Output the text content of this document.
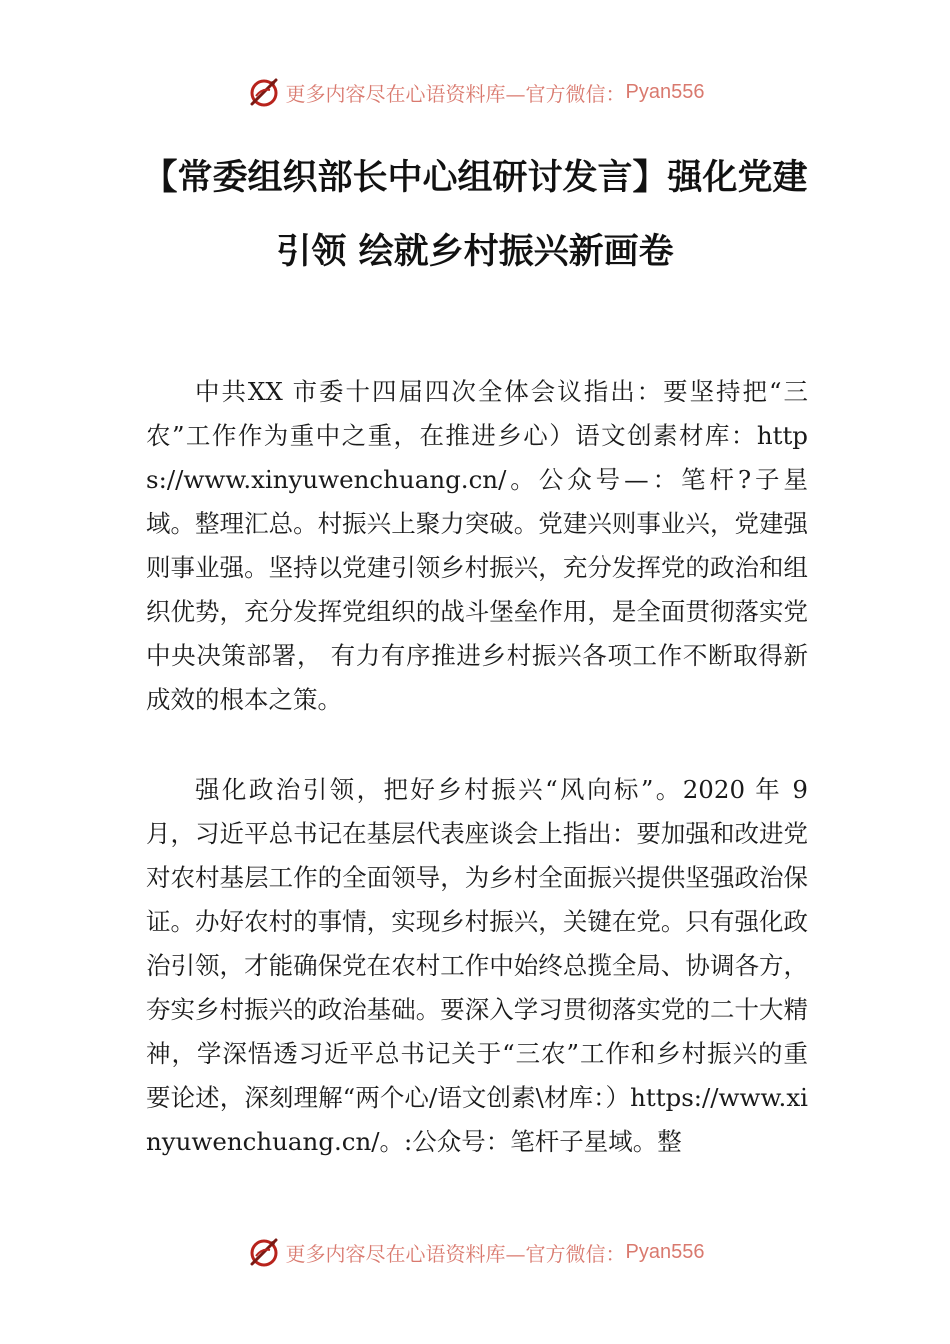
更多内容尽在心语资料库—官方微信： Pyan556
【常委组织部长中心组研讨发言】强化党建
引领 绘就乡村振兴新画卷

中共XX 市委十四届四次全体会议指出：要坚持把“三农”工作作为重中之重，在推进乡心）语文创素材库：https://www.xinyuwenchuang.cn/。公众号—：笔杆?子星域。整理汇总。村振兴上聚力突破。党建兴则事业兴，党建强则事业强。坚持以党建引领乡村振兴，充分发挥党的政治和组织优势，充分发挥党组织的战斗堡垒作用，是全面贯彻落实党中央决策部署， 有力有序推进乡村振兴各项工作不断取得新成效的根本之策。

强化政治引领，把好乡村振兴“风向标”。2020 年 9 月，习近平总书记在基层代表座谈会上指出：要加强和改进党对农村基层工作的全面领导，为乡村全面振兴提供坚强政治保证。办好农村的事情，实现乡村振兴，关键在党。只有强化政治引领，才能确保党在农村工作中始终总揽全局、协调各方，夯实乡村振兴的政治基础。要深入学习贯彻落实党的二十大精神，学深悟透习近平总书记关于“三农”工作和乡村振兴的重要论述，深刻理解“两个心/语文创素\材库：）https://www.xinyuwenchuang.cn/。:公众号：笔杆子星域。整

更多内容尽在心语资料库—官方微信： Pyan556
